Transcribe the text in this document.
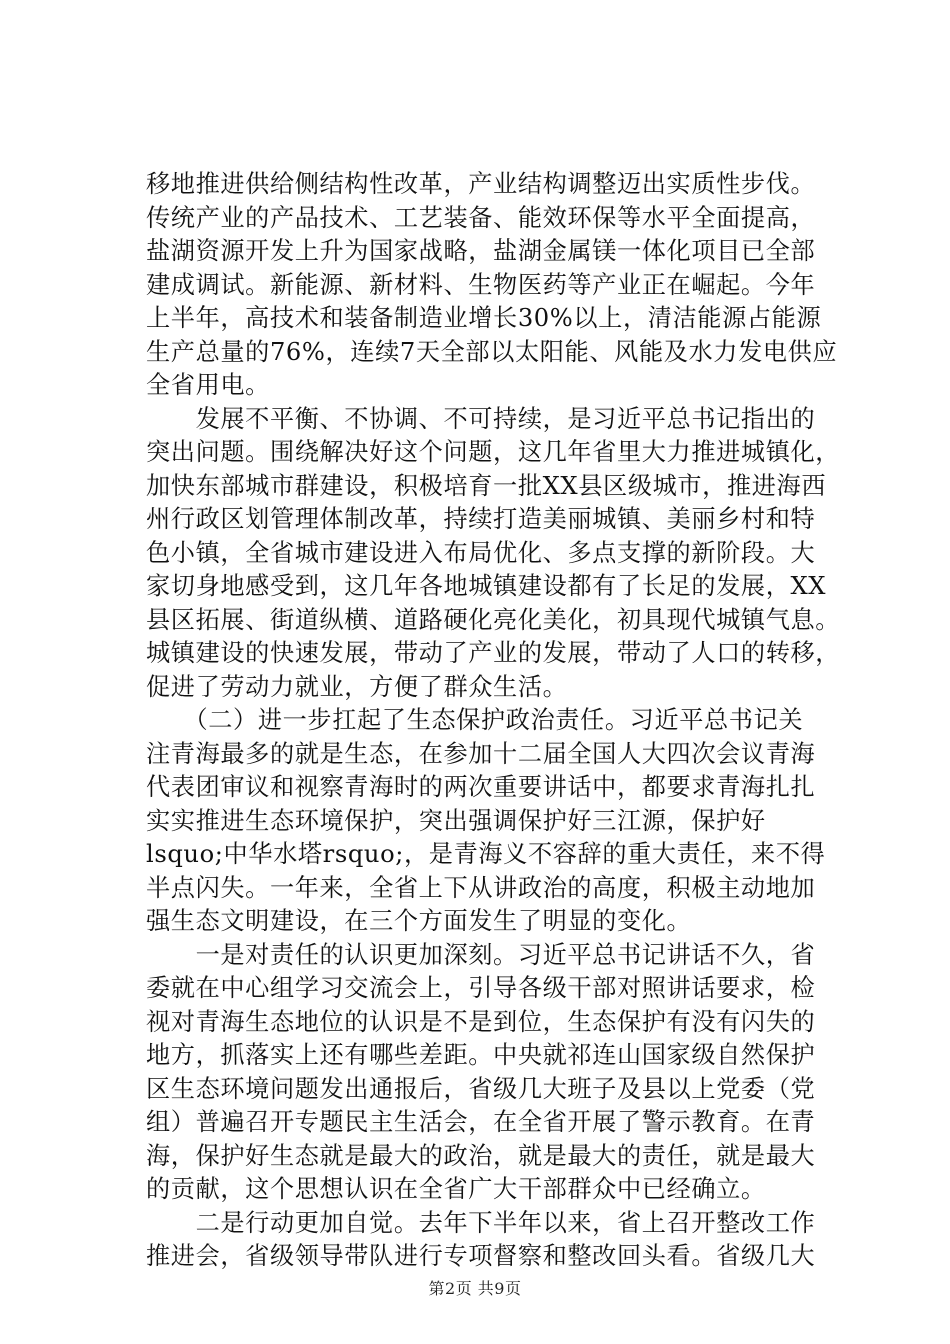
移地推进供给侧结构性改革，产业结构调整迈出实质性步伐。
传统产业的产品技术、工艺装备、能效环保等水平全面提高，
盐湖资源开发上升为国家战略，盐湖金属镁一体化项目已全部
建成调试。新能源、新材料、生物医药等产业正在崛起。今年
上半年，高技术和装备制造业增长30%以上，清洁能源占能源
生产总量的76%，连续7天全部以太阳能、风能及水力发电供应
全省用电。
　　发展不平衡、不协调、不可持续，是习近平总书记指出的
突出问题。围绕解决好这个问题，这几年省里大力推进城镇化，
加快东部城市群建设，积极培育一批XX县区级城市，推进海西
州行政区划管理体制改革，持续打造美丽城镇、美丽乡村和特
色小镇，全省城市建设进入布局优化、多点支撑的新阶段。大
家切身地感受到，这几年各地城镇建设都有了长足的发展，XX
县区拓展、街道纵横、道路硬化亮化美化，初具现代城镇气息。
城镇建设的快速发展，带动了产业的发展，带动了人口的转移，
促进了劳动力就业，方便了群众生活。
　　（二）进一步扛起了生态保护政治责任。习近平总书记关
注青海最多的就是生态，在参加十二届全国人大四次会议青海
代表团审议和视察青海时的两次重要讲话中，都要求青海扎扎
实实推进生态环境保护，突出强调保护好三江源，保护好
lsquo;中华水塔rsquo;，是青海义不容辞的重大责任，来不得
半点闪失。一年来，全省上下从讲政治的高度，积极主动地加
强生态文明建设，在三个方面发生了明显的变化。
　　一是对责任的认识更加深刻。习近平总书记讲话不久，省
委就在中心组学习交流会上，引导各级干部对照讲话要求，检
视对青海生态地位的认识是不是到位，生态保护有没有闪失的
地方，抓落实上还有哪些差距。中央就祁连山国家级自然保护
区生态环境问题发出通报后，省级几大班子及县以上党委（党
组）普遍召开专题民主生活会，在全省开展了警示教育。在青
海，保护好生态就是最大的政治，就是最大的责任，就是最大
的贡献，这个思想认识在全省广大干部群众中已经确立。
　　二是行动更加自觉。去年下半年以来，省上召开整改工作
推进会，省级领导带队进行专项督察和整改回头看。省级几大
第2页 共9页
